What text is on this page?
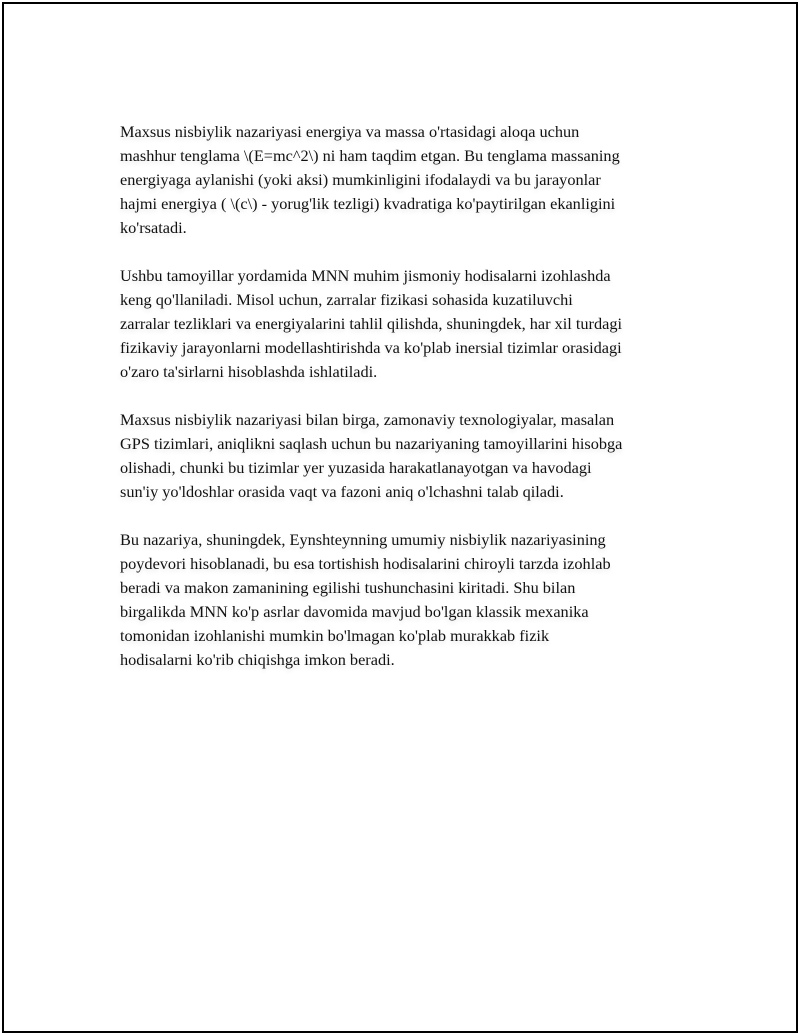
Maxsus nisbiylik nazariyasi energiya va massa o'rtasidagi aloqa uchun
mashhur tenglama \(E=mc^2\) ni ham taqdim etgan. Bu tenglama massaning
energiyaga aylanishi (yoki aksi) mumkinligini ifodalaydi va bu jarayonlar
hajmi energiya ( \(c\) - yorug'lik tezligi) kvadratiga ko'paytirilgan ekanligini
ko'rsatadi.

Ushbu tamoyillar yordamida MNN muhim jismoniy hodisalarni izohlashda
keng qo'llaniladi. Misol uchun, zarralar fizikasi sohasida kuzatiluvchi
zarralar tezliklari va energiyalarini tahlil qilishda, shuningdek, har xil turdagi
fizikaviy jarayonlarni modellashtirishda va ko'plab inersial tizimlar orasidagi
o'zaro ta'sirlarni hisoblashda ishlatiladi.

Maxsus nisbiylik nazariyasi bilan birga, zamonaviy texnologiyalar, masalan
GPS tizimlari, aniqlikni saqlash uchun bu nazariyaning tamoyillarini hisobga
olishadi, chunki bu tizimlar yer yuzasida harakatlanayotgan va havodagi
sun'iy yo'ldoshlar orasida vaqt va fazoni aniq o'lchashni talab qiladi.

Bu nazariya, shuningdek, Eynshteynning umumiy nisbiylik nazariyasining
poydevori hisoblanadi, bu esa tortishish hodisalarini chiroyli tarzda izohlab
beradi va makon zamanining egilishi tushunchasini kiritadi. Shu bilan
birgalikda MNN ko'p asrlar davomida mavjud bo'lgan klassik mexanika
tomonidan izohlanishi mumkin bo'lmagan ko'plab murakkab fizik
hodisalarni ko'rib chiqishga imkon beradi.
